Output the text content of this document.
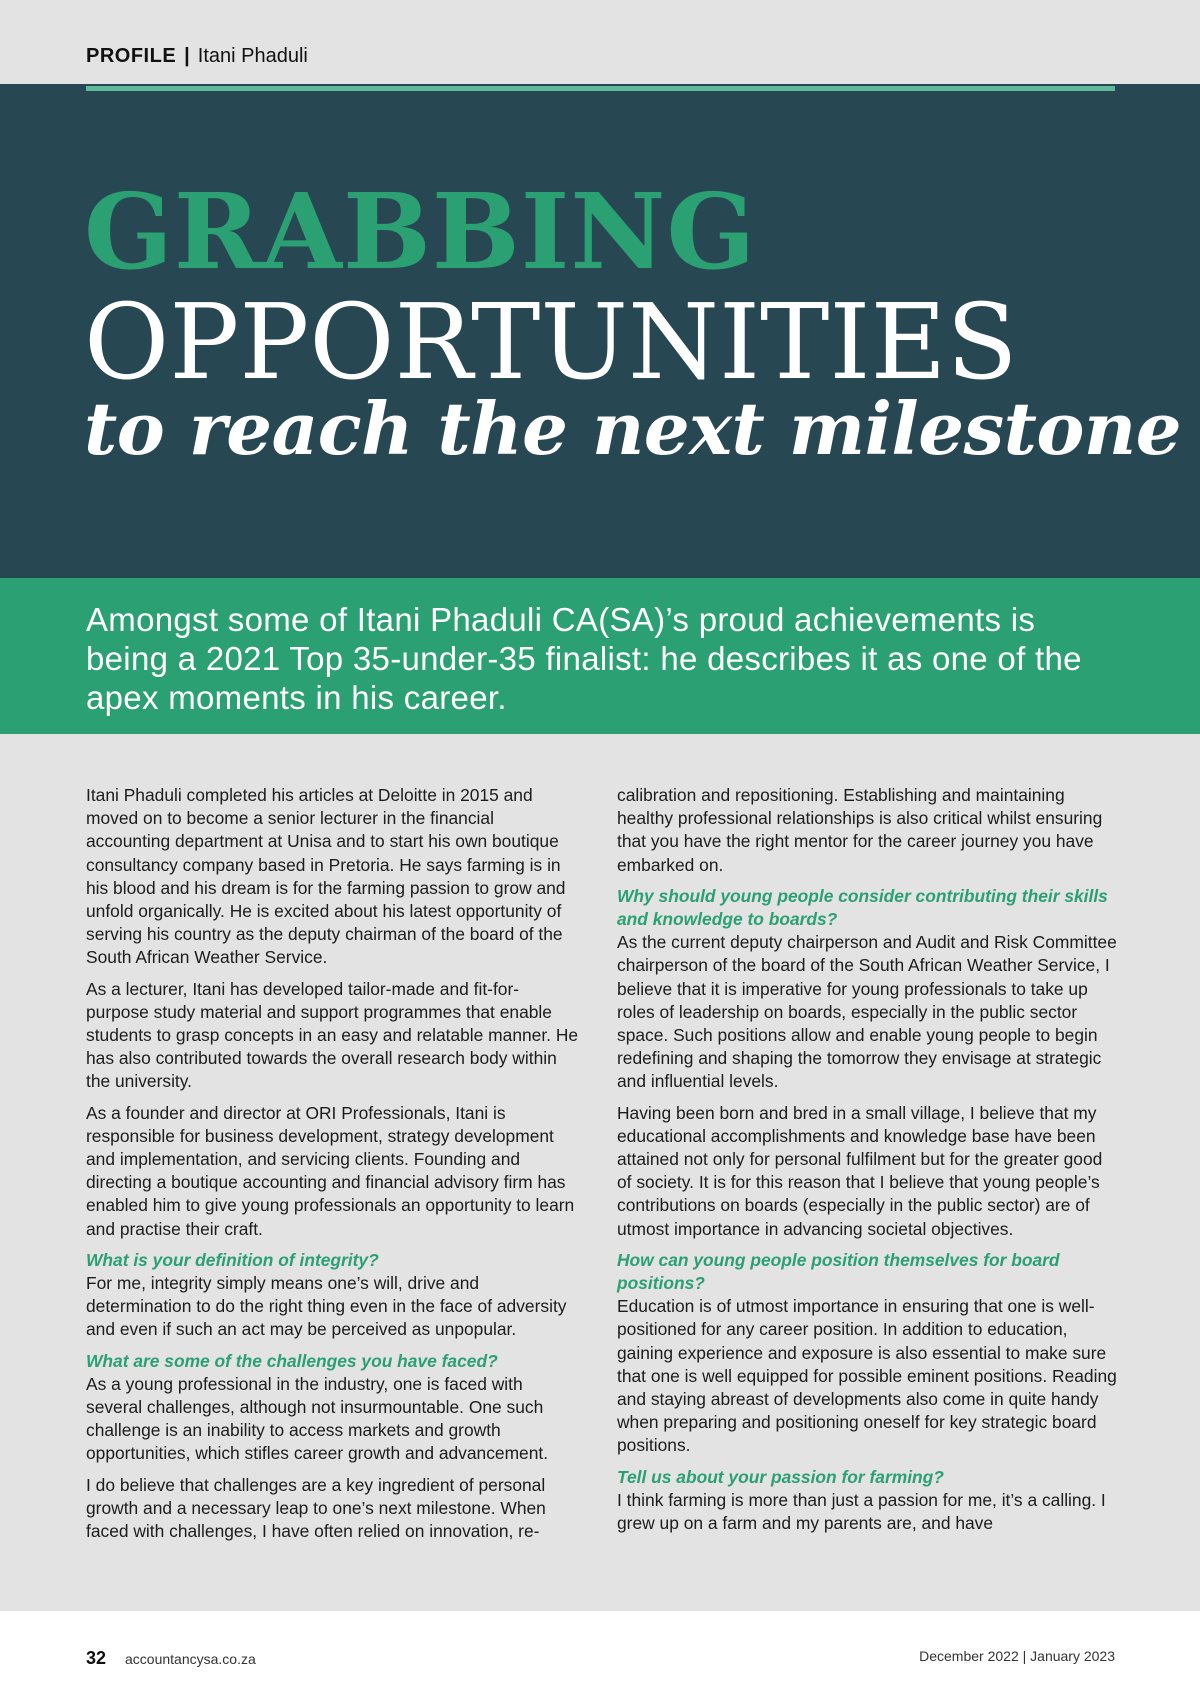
PROFILE | Itani Phaduli
GRABBING
OPPORTUNITIES
to reach the next milestone

Amongst some of Itani Phaduli CA(SA)’s proud achievements is being a 2021 Top 35-under-35 finalist: he describes it as one of the apex moments in his career.

Itani Phaduli completed his articles at Deloitte in 2015 and moved on to become a senior lecturer in the financial accounting department at Unisa and to start his own boutique consultancy company based in Pretoria. He says farming is in his blood and his dream is for the farming passion to grow and unfold organically. He is excited about his latest opportunity of serving his country as the deputy chairman of the board of the South African Weather Service.

As a lecturer, Itani has developed tailor-made and fit-for-purpose study material and support programmes that enable students to grasp concepts in an easy and relatable manner. He has also contributed towards the overall research body within the university.

As a founder and director at ORI Professionals, Itani is responsible for business development, strategy development and implementation, and servicing clients. Founding and directing a boutique accounting and financial advisory firm has enabled him to give young professionals an opportunity to learn and practise their craft.

What is your definition of integrity?

For me, integrity simply means one’s will, drive and determination to do the right thing even in the face of adversity and even if such an act may be perceived as unpopular.

What are some of the challenges you have faced?

As a young professional in the industry, one is faced with several challenges, although not insurmountable. One such challenge is an inability to access markets and growth opportunities, which stifles career growth and advancement.

I do believe that challenges are a key ingredient of personal growth and a necessary leap to one’s next milestone. When faced with challenges, I have often relied on innovation, re-

calibration and repositioning. Establishing and maintaining healthy professional relationships is also critical whilst ensuring that you have the right mentor for the career journey you have embarked on.

Why should young people consider contributing their skills and knowledge to boards?

As the current deputy chairperson and Audit and Risk Committee chairperson of the board of the South African Weather Service, I believe that it is imperative for young professionals to take up roles of leadership on boards, especially in the public sector space. Such positions allow and enable young people to begin redefining and shaping the tomorrow they envisage at strategic and influential levels.

Having been born and bred in a small village, I believe that my educational accomplishments and knowledge base have been attained not only for personal fulfilment but for the greater good of society. It is for this reason that I believe that young people’s contributions on boards (especially in the public sector) are of utmost importance in advancing societal objectives.

How can young people position themselves for board positions?

Education is of utmost importance in ensuring that one is well-positioned for any career position. In addition to education, gaining experience and exposure is also essential to make sure that one is well equipped for possible eminent positions. Reading and staying abreast of developments also come in quite handy when preparing and positioning oneself for key strategic board positions.

Tell us about your passion for farming?

I think farming is more than just a passion for me, it’s a calling. I grew up on a farm and my parents are, and have

32 accountancysa.co.za	December 2022 | January 2023
